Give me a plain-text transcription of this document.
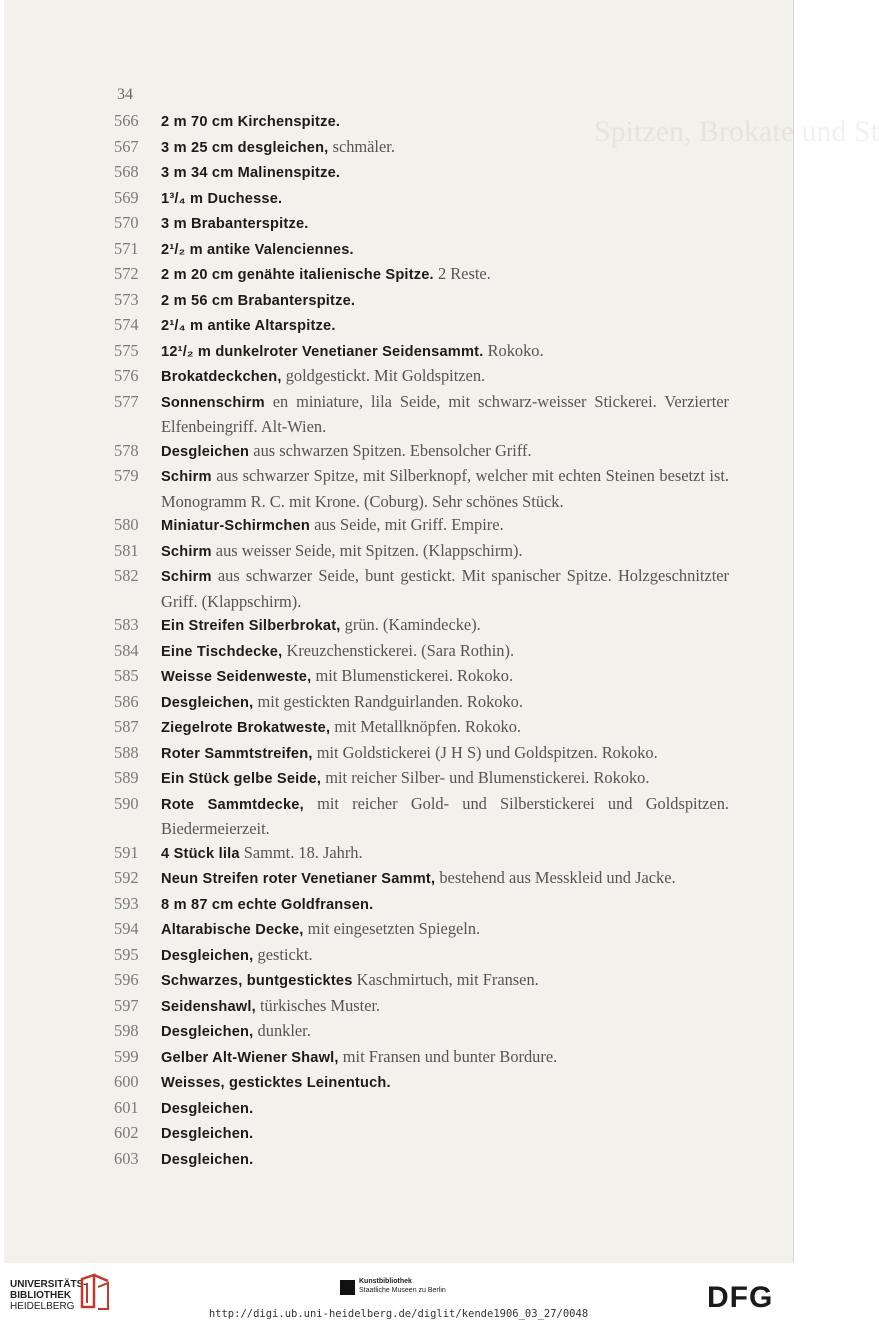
Spitzen, Brokate und St
34
566	2 m 70 cm Kirchenspitze.
567	3 m 25 cm desgleichen, schmäler.
568	3 m 34 cm Malinenspitze.
569	1³/₄ m Duchesse.
570	3 m Brabanterspitze.
571	2¹/₂ m antike Valenciennes.
572	2 m 20 cm genähte italienische Spitze. 2 Reste.
573	2 m 56 cm Brabanterspitze.
574	2¹/₄ m antike Altarspitze.
575	12¹/₂ m dunkelroter Venetianer Seidensammt. Rokoko.
576	Brokatdeckchen, goldgestickt. Mit Goldspitzen.
577	Sonnenschirm en miniature, lila Seide, mit schwarz-weisser Stickerei. Verzierter Elfenbeingriff. Alt-Wien.
578	Desgleichen aus schwarzen Spitzen. Ebensolcher Griff.
579	Schirm aus schwarzer Spitze, mit Silberknopf, welcher mit echten Steinen besetzt ist. Monogramm R. C. mit Krone. (Coburg). Sehr schönes Stück.
580	Miniatur-Schirmchen aus Seide, mit Griff. Empire.
581	Schirm aus weisser Seide, mit Spitzen. (Klappschirm).
582	Schirm aus schwarzer Seide, bunt gestickt. Mit spanischer Spitze. Holzgeschnitzter Griff. (Klappschirm).
583	Ein Streifen Silberbrokat, grün. (Kamindecke).
584	Eine Tischdecke, Kreuzchenstickerei. (Sara Rothin).
585	Weisse Seidenweste, mit Blumenstickerei. Rokoko.
586	Desgleichen, mit gestickten Randguirlanden. Rokoko.
587	Ziegelrote Brokatweste, mit Metallknöpfen. Rokoko.
588	Roter Sammtstreifen, mit Goldstickerei (J H S) und Goldspitzen. Rokoko.
589	Ein Stück gelbe Seide, mit reicher Silber- und Blumenstickerei. Rokoko.
590	Rote Sammtdecke, mit reicher Gold- und Silberstickerei und Goldspitzen. Biedermeierzeit.
591	4 Stück lila Sammt. 18. Jahrh.
592	Neun Streifen roter Venetianer Sammt, bestehend aus Messkleid und Jacke.
593	8 m 87 cm echte Goldfransen.
594	Altarabische Decke, mit eingesetzten Spiegeln.
595	Desgleichen, gestickt.
596	Schwarzes, buntgesticktes Kaschmirtuch, mit Fransen.
597	Seidenshawl, türkisches Muster.
598	Desgleichen, dunkler.
599	Gelber Alt-Wiener Shawl, mit Fransen und bunter Bordure.
600	Weisses, gesticktes Leinentuch.
601	Desgleichen.
602	Desgleichen.
603	Desgleichen.
UNIVERSITÄTS-
BIBLIOTHEK
HEIDELBERG
Kunstbibliothek
Staatliche Museen zu Berlin	DFG
http://digi.ub.uni-heidelberg.de/diglit/kende1906_03_27/0048
